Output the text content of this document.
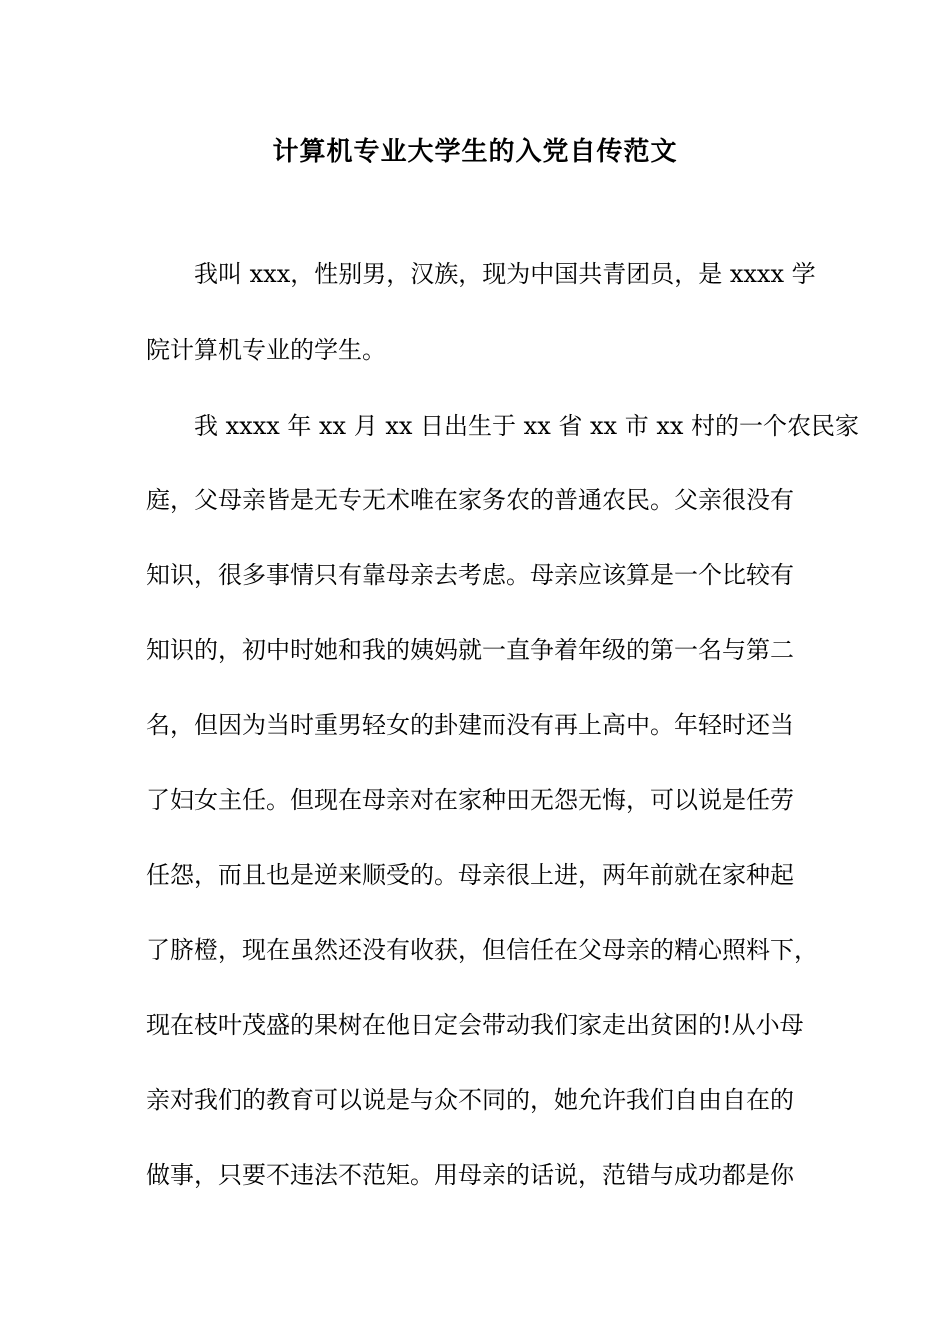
计算机专业大学生的入党自传范文
我叫 xxx，性别男，汉族，现为中国共青团员，是 xxxx 学
院计算机专业的学生。
我 xxxx 年 xx 月 xx 日出生于 xx 省 xx 市 xx 村的一个农民家
庭，父母亲皆是无专无术唯在家务农的普通农民。父亲很没有
知识，很多事情只有靠母亲去考虑。母亲应该算是一个比较有
知识的，初中时她和我的姨妈就一直争着年级的第一名与第二
名，但因为当时重男轻女的卦建而没有再上高中。年轻时还当
了妇女主任。但现在母亲对在家种田无怨无悔，可以说是任劳
任怨，而且也是逆来顺受的。母亲很上进，两年前就在家种起
了脐橙，现在虽然还没有收获，但信任在父母亲的精心照料下，
现在枝叶茂盛的果树在他日定会带动我们家走出贫困的!从小母
亲对我们的教育可以说是与众不同的，她允许我们自由自在的
做事，只要不违法不范矩。用母亲的话说，范错与成功都是你
